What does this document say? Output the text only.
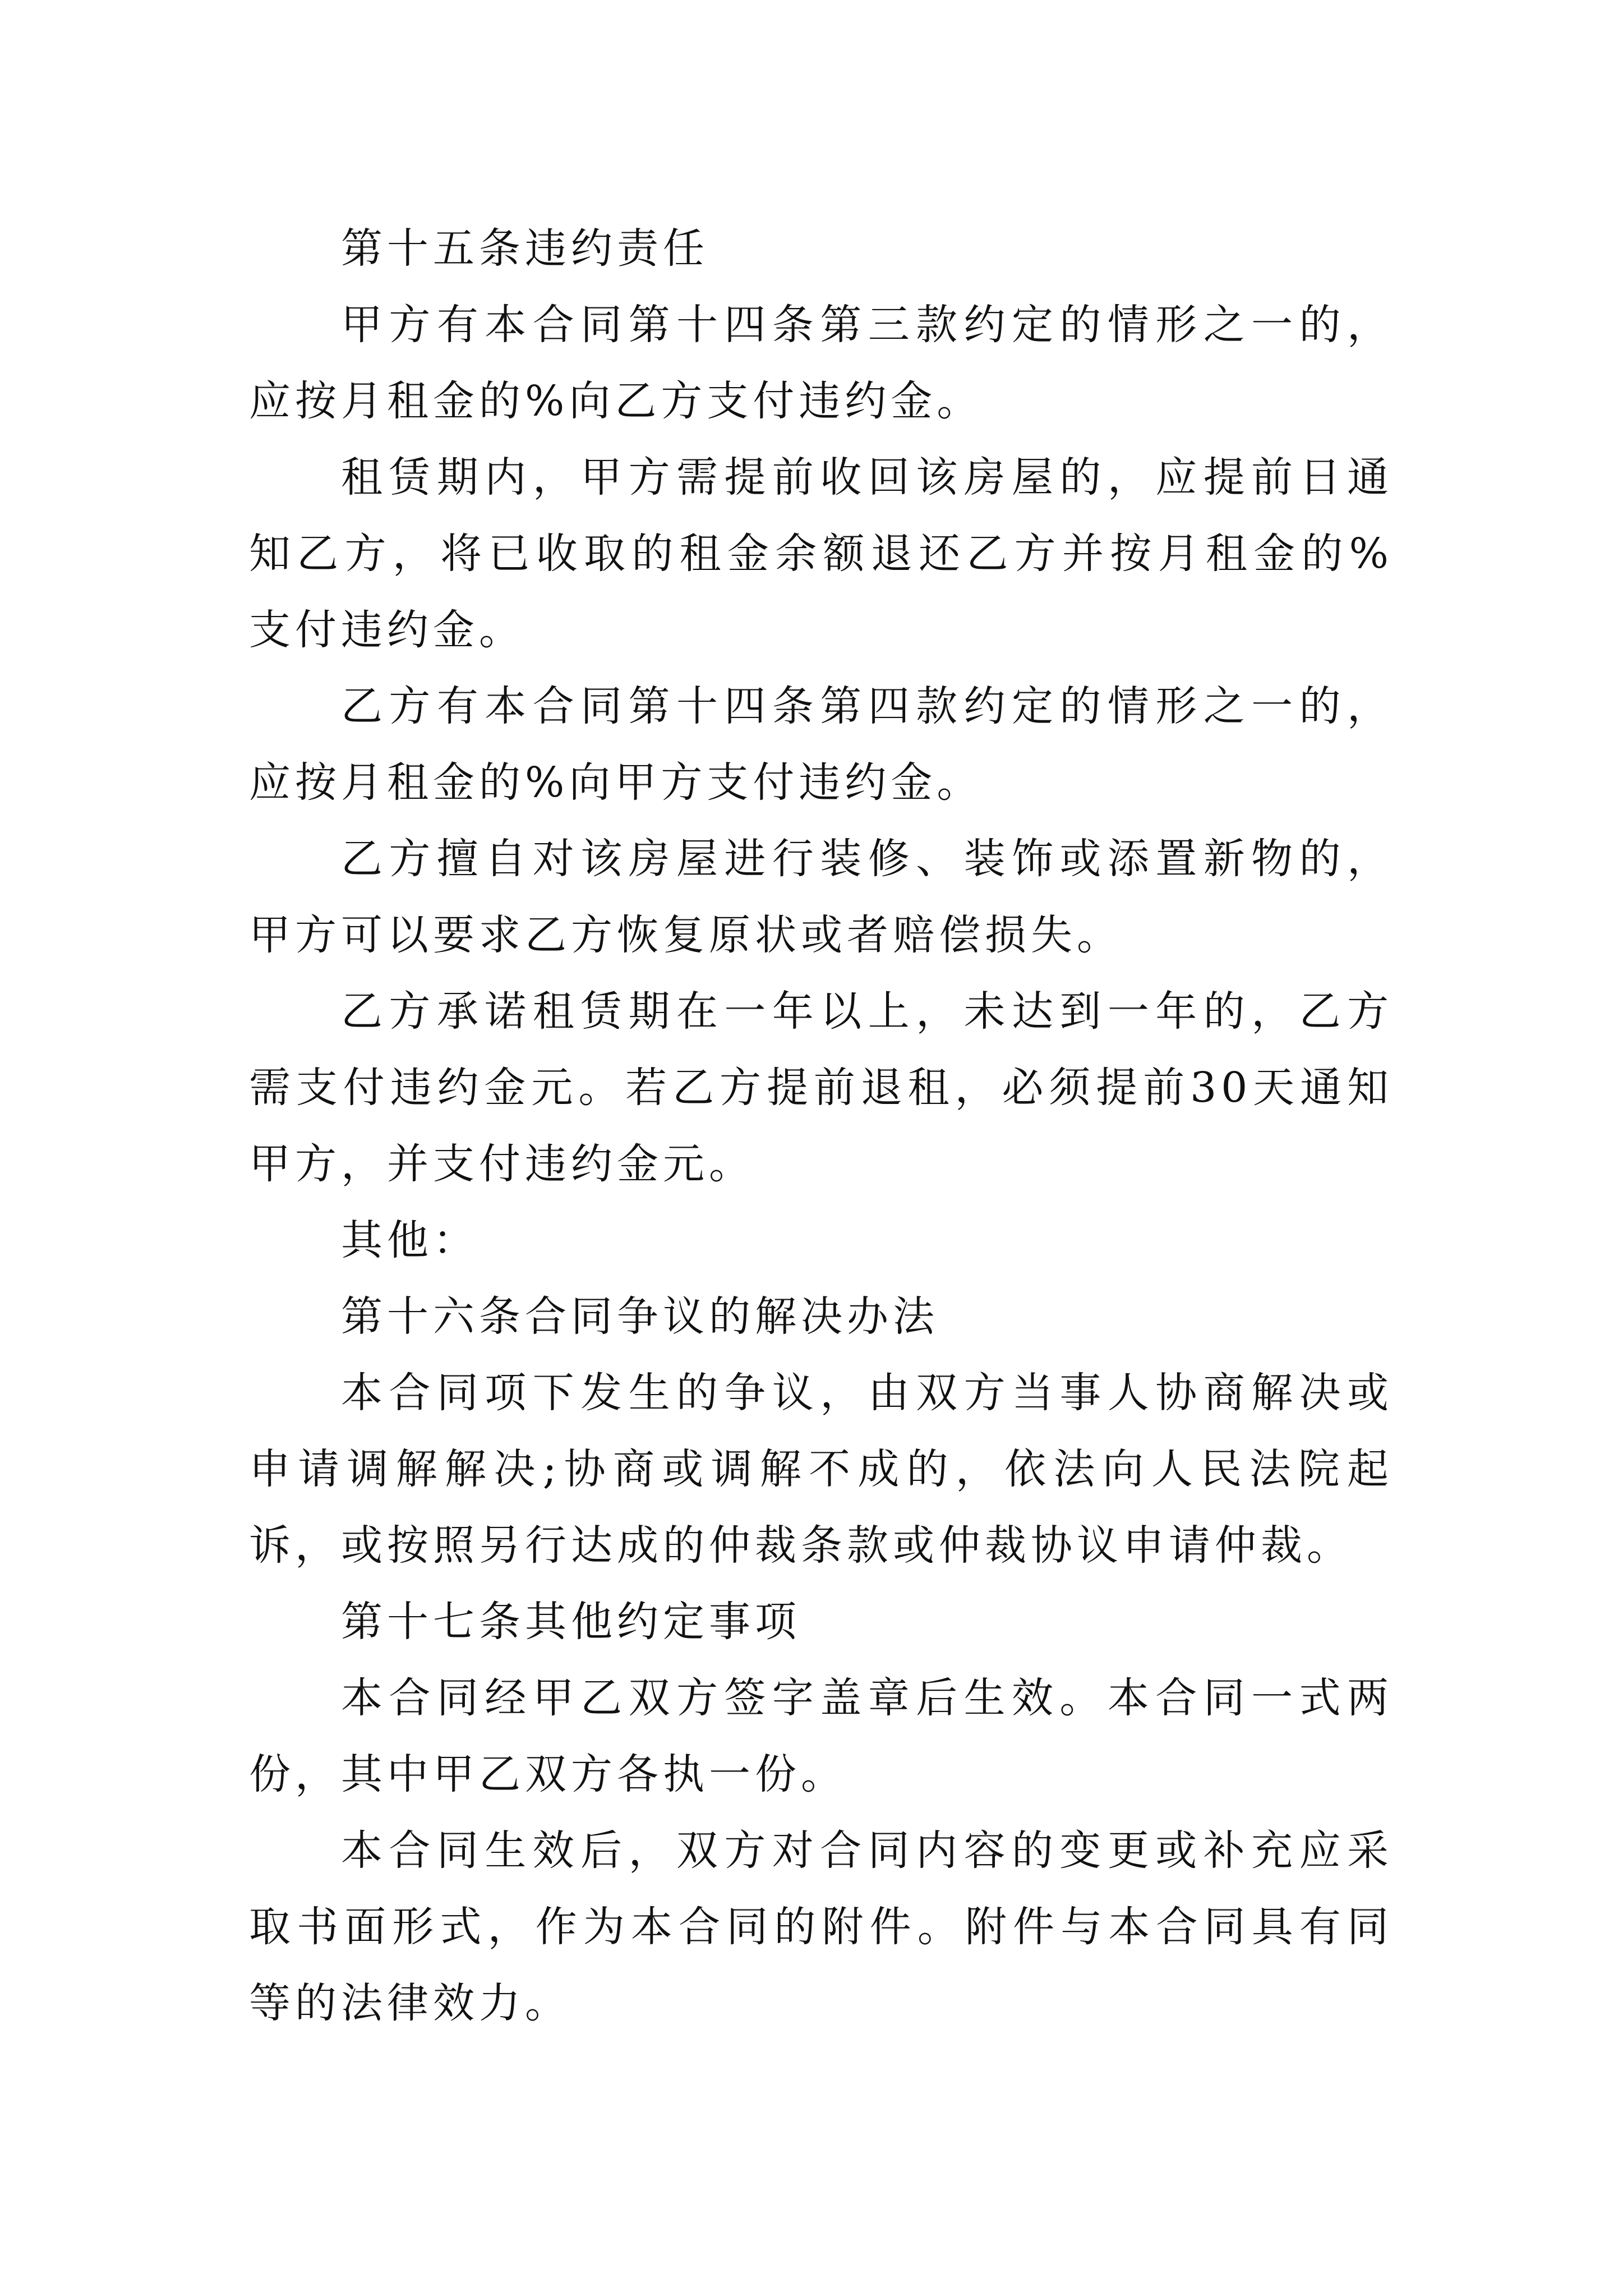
第十五条违约责任

甲方有本合同第十四条第三款约定的情形之一的，应按月租金的%向乙方支付违约金。

租赁期内，甲方需提前收回该房屋的，应提前日通知乙方，将已收取的租金余额退还乙方并按月租金的%支付违约金。

乙方有本合同第十四条第四款约定的情形之一的，应按月租金的%向甲方支付违约金。

乙方擅自对该房屋进行装修、装饰或添置新物的，甲方可以要求乙方恢复原状或者赔偿损失。

乙方承诺租赁期在一年以上，未达到一年的，乙方需支付违约金元。若乙方提前退租，必须提前30天通知甲方，并支付违约金元。

其他：

第十六条合同争议的解决办法

本合同项下发生的争议，由双方当事人协商解决或申请调解解决;协商或调解不成的，依法向人民法院起诉，或按照另行达成的仲裁条款或仲裁协议申请仲裁。

第十七条其他约定事项

本合同经甲乙双方签字盖章后生效。本合同一式两份，其中甲乙双方各执一份。

本合同生效后，双方对合同内容的变更或补充应采取书面形式，作为本合同的附件。附件与本合同具有同等的法律效力。
